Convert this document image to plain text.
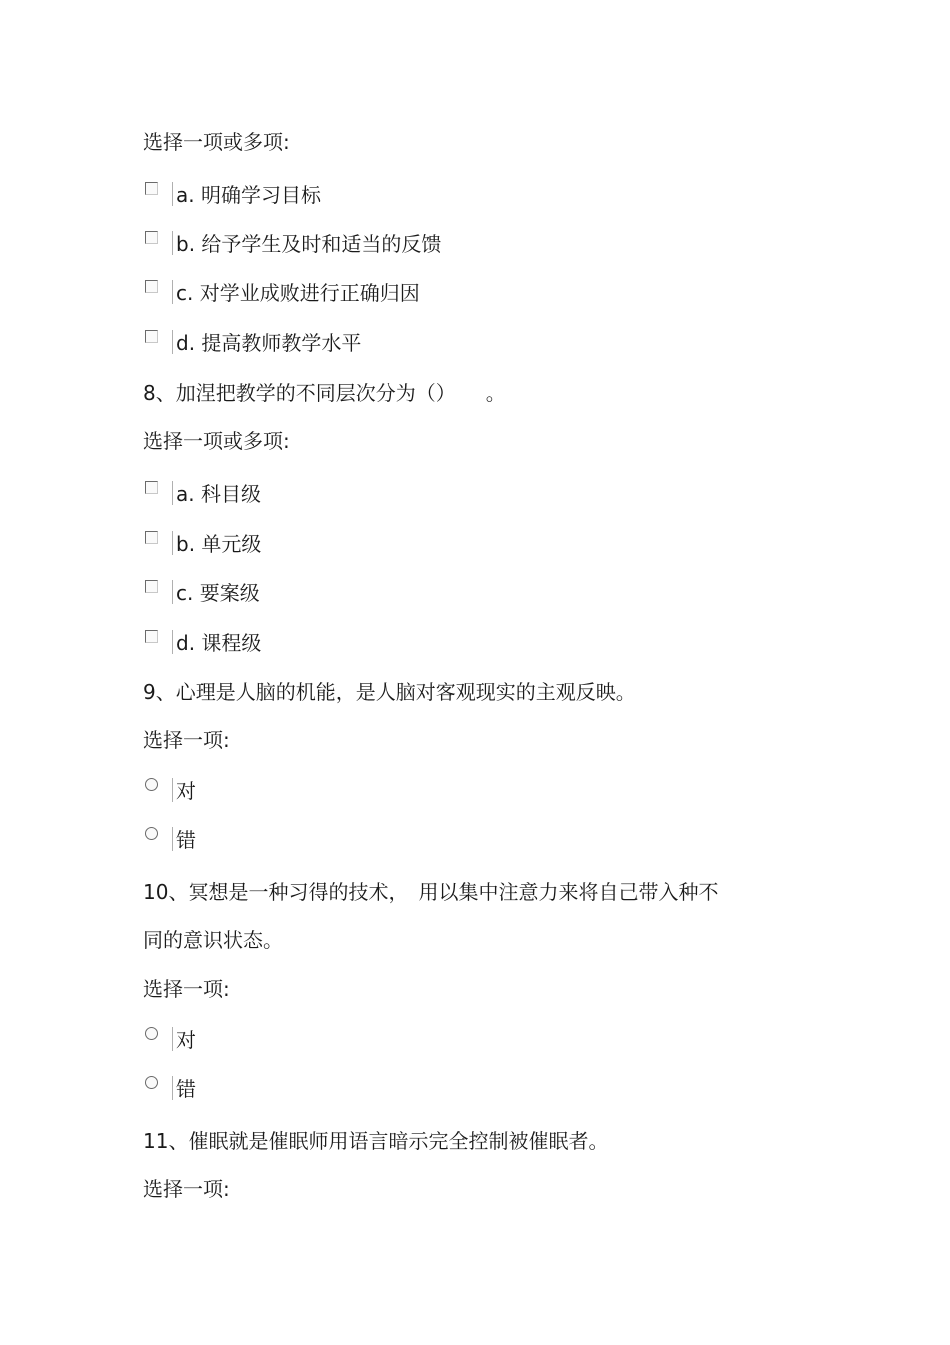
选择一项或多项:
a. 明确学习目标
b. 给予学生及时和适当的反馈
c. 对学业成败进行正确归因
d. 提高教师教学水平
8、加涅把教学的不同层次分为（）　　。
选择一项或多项:
a. 科目级
b. 单元级
c. 要案级
d. 课程级
9、心理是人脑的机能，是人脑对客观现实的主观反映。
选择一项:
对
错
10、冥想是一种习得的技术，　用以集中注意力来将自己带入种不
同的意识状态。
选择一项:
对
错
11、催眠就是催眠师用语言暗示完全控制被催眠者。
选择一项:
